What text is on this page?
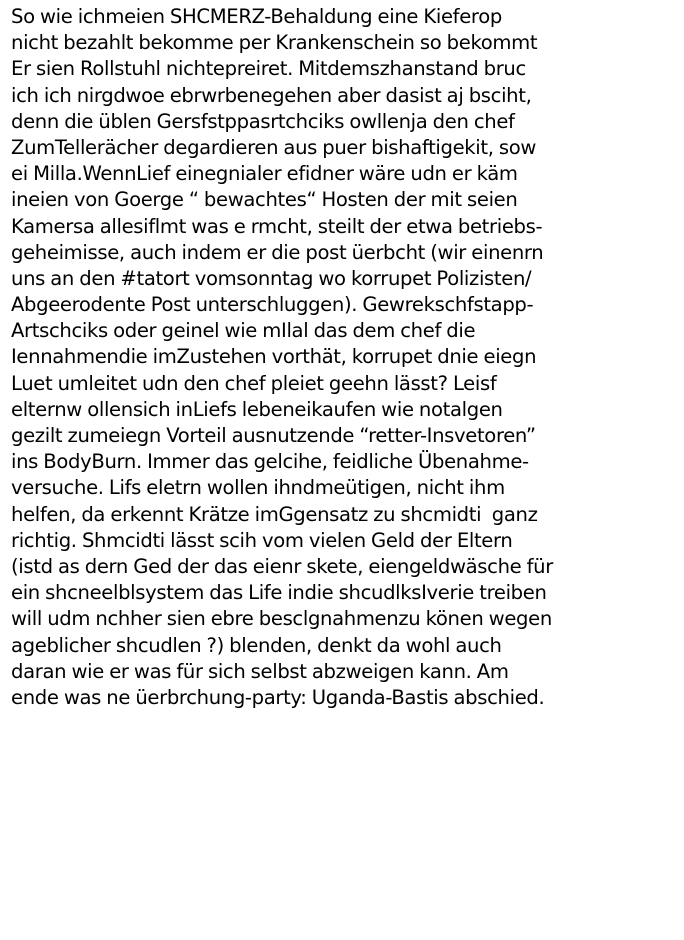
So wie ichmeien SHCMERZ-Behaldung eine Kieferop
nicht bezahlt bekomme per Krankenschein so bekommt
Er sien Rollstuhl nichtepreiret. Mitdemszhanstand bruc
ich ich nirgdwoe ebrwrbenegehen aber dasist aj bsciht,
denn die üblen Gersfstppasrtchciks owllenja den chef
ZumTellerächer degardieren aus puer bishaftigekit, sow
ei Milla.WennLief einegnialer efidner wäre udn er käm
ineien von Goerge “ bewachtes“ Hosten der mit seien
Kamersa allesiflmt was e rmcht, steilt der etwa betriebs-
geheimisse, auch indem er die post üerbcht (wir einenrn
uns an den #tatort vomsonntag wo korrupet Polizisten/
Abgeerodente Post unterschluggen). Gewrekschfstapp-
Artschciks oder geinel wie mIlal das dem chef die
Iennahmendie imZustehen vorthät, korrupet dnie eiegn
Luet umleitet udn den chef pleiet geehn lässt? Leisf
elternw ollensich inLiefs lebeneikaufen wie notalgen
gezilt zumeiegn Vorteil ausnutzende “retter-Insvetoren”
ins BodyBurn. Immer das gelcihe, feidliche Übenahme-
versuche. Lifs eletrn wollen ihndmeütigen, nicht ihm
helfen, da erkennt Krätze imGgensatz zu shcmidti  ganz
richtig. Shmcidti lässt scih vom vielen Geld der Eltern
(istd as dern Ged der das eienr skete, eiengeldwäsche für
ein shcneelblsystem das Life indie shcudlksIverie treiben
will udm nchher sien ebre besclgnahmenzu könen wegen
ageblicher shcudlen ?) blenden, denkt da wohl auch
daran wie er was für sich selbst abzweigen kann. Am
ende was ne üerbrchung-party: Uganda-Bastis abschied.
